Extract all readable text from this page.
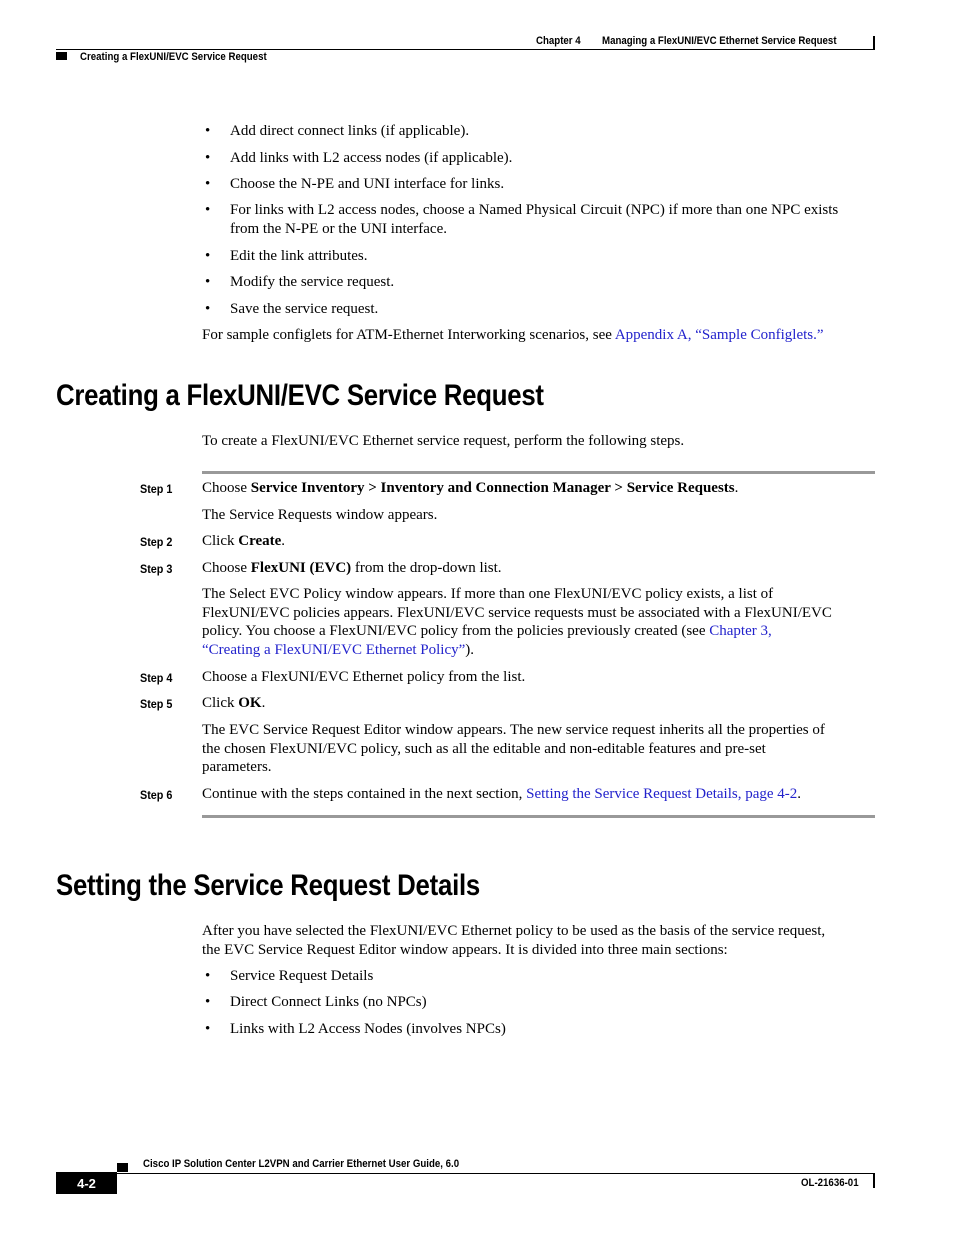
Chapter 4 Managing a FlexUNI/EVC Ethernet Service Request
Creating a FlexUNI/EVC Service Request
• Add direct connect links (if applicable).
• Add links with L2 access nodes (if applicable).
• Choose the N-PE and UNI interface for links.
• For links with L2 access nodes, choose a Named Physical Circuit (NPC) if more than one NPC exists
from the N-PE or the UNI interface.
• Edit the link attributes.
• Modify the service request.
• Save the service request.
For sample configlets for ATM-Ethernet Interworking scenarios, see Appendix A, “Sample Configlets.”
Creating a FlexUNI/EVC Service Request
To create a FlexUNI/EVC Ethernet service request, perform the following steps.
Step 1 Choose Service Inventory > Inventory and Connection Manager > Service Requests.
The Service Requests window appears.
Step 2 Click Create.
Step 3 Choose FlexUNI (EVC) from the drop-down list.
The Select EVC Policy window appears. If more than one FlexUNI/EVC policy exists, a list of
FlexUNI/EVC policies appears. FlexUNI/EVC service requests must be associated with a FlexUNI/EVC
policy. You choose a FlexUNI/EVC policy from the policies previously created (see Chapter 3,
“Creating a FlexUNI/EVC Ethernet Policy”).
Step 4 Choose a FlexUNI/EVC Ethernet policy from the list.
Step 5 Click OK.
The EVC Service Request Editor window appears. The new service request inherits all the properties of
the chosen FlexUNI/EVC policy, such as all the editable and non-editable features and pre-set
parameters.
Step 6 Continue with the steps contained in the next section, Setting the Service Request Details, page 4-2.
Setting the Service Request Details
After you have selected the FlexUNI/EVC Ethernet policy to be used as the basis of the service request,
the EVC Service Request Editor window appears. It is divided into three main sections:
• Service Request Details
• Direct Connect Links (no NPCs)
• Links with L2 Access Nodes (involves NPCs)
Cisco IP Solution Center L2VPN and Carrier Ethernet User Guide, 6.0
4-2	OL-21636-01
